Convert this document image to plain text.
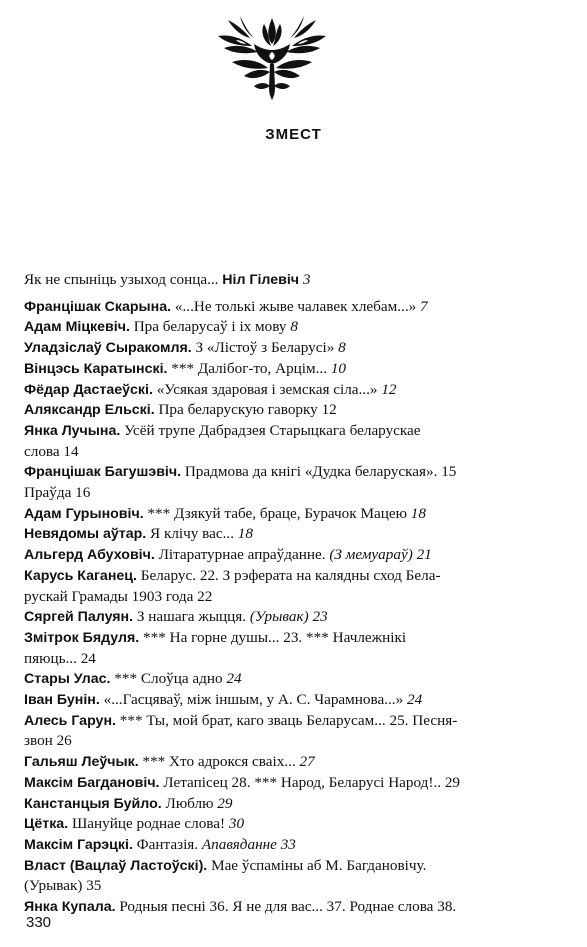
ЗМЕСТ
Як не спыніць узыход сонца... Ніл Гілевіч 3
Францішак Скарына. «...Не толькі жыве чалавек хлебам...» 7
Адам Міцкевіч. Пра беларусаў і іх мову 8
Уладзіслаў Сыракомля. З «Лістоў з Беларусі» 8
Вінцэсь Каратынскі. *** Далібог-то, Арцім... 10
Фёдар Дастаеўскі. «Усякая здаровая і земская сіла...» 12
Аляксандр Ельскі. Пра беларускую гаворку 12
Янка Лучына. Усёй трупе Дабрадзея Старыцкага беларускае
слова 14
Францішак Багушэвіч. Прадмова да кнігі «Дудка беларуская». 15
Праўда 16
Адам Гурыновіч. *** Дзякуй табе, браце, Бурачок Мацею 18
Невядомы аўтар. Я клічу вас... 18
Альгерд Абуховіч. Літаратурнае апраўданне. (З мемуараў) 21
Карусь Каганец. Беларус. 22. З рэферата на калядны сход Бела-
рускай Грамады 1903 года 22
Сяргей Палуян. З нашага жыцця. (Урывак) 23
Змітрок Бядуля. *** На горне душы... 23. *** Начлежнікі
пяюць... 24
Стары Улас. *** Слоўца адно 24
Іван Бунін. «...Гасцяваў, між іншым, у А. С. Чарамнова...» 24
Алесь Гарун. *** Ты, мой брат, каго зваць Беларусам... 25. Песня-
звон 26
Гальяш Леўчык. *** Хто адрокся сваіх... 27
Максім Багдановіч. Летапісец 28. *** Народ, Беларусі Народ!.. 29
Канстанцыя Буйло. Люблю 29
Цётка. Шануйце роднае слова! 30
Максім Гарэцкі. Фантазія. Апавяданне 33
Власт (Вацлаў Ластоўскі). Мае ўспаміны аб М. Багдановічу.
(Урывак) 35
Янка Купала. Родныя песні 36. Я не для вас... 37. Роднае слова 38.
330
